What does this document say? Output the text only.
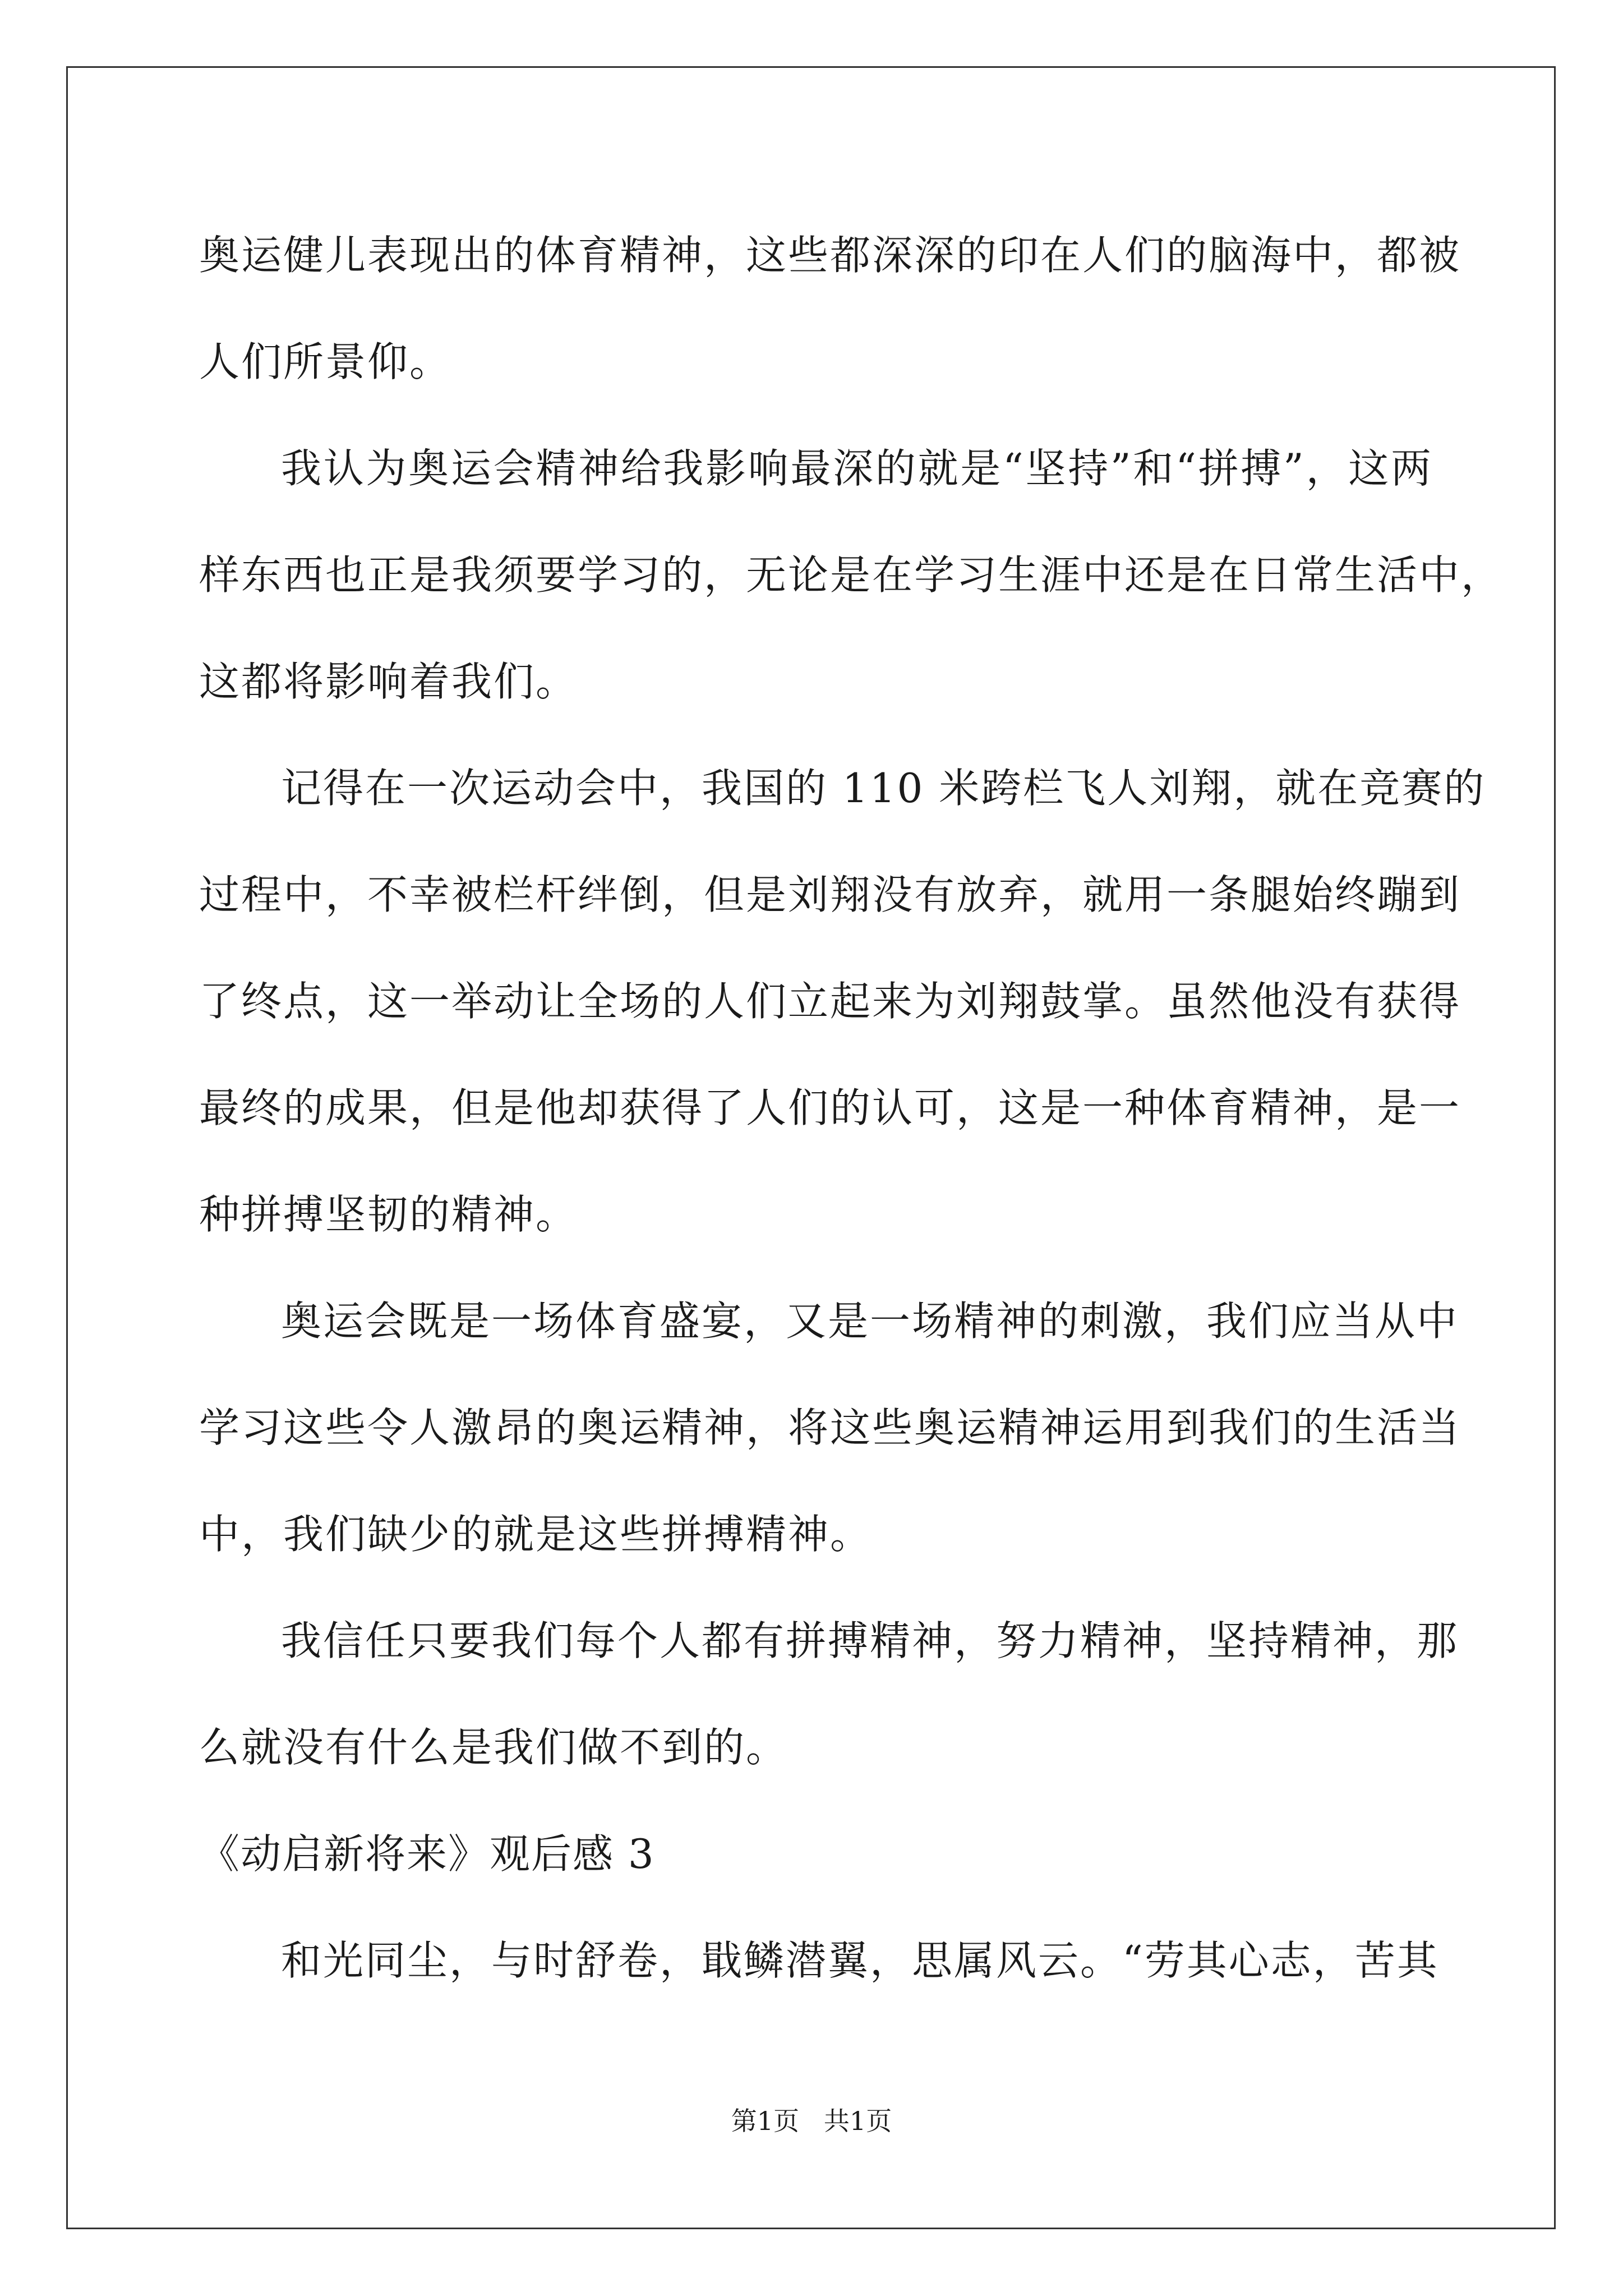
奥运健儿表现出的体育精神，这些都深深的印在人们的脑海中，都被
人们所景仰。
我认为奥运会精神给我影响最深的就是“坚持”和“拼搏”，这两
样东西也正是我须要学习的，无论是在学习生涯中还是在日常生活中，
这都将影响着我们。
记得在一次运动会中，我国的 110 米跨栏飞人刘翔，就在竞赛的
过程中，不幸被栏杆绊倒，但是刘翔没有放弃，就用一条腿始终蹦到
了终点，这一举动让全场的人们立起来为刘翔鼓掌。虽然他没有获得
最终的成果，但是他却获得了人们的认可，这是一种体育精神，是一
种拼搏坚韧的精神。
奥运会既是一场体育盛宴，又是一场精神的刺激，我们应当从中
学习这些令人激昂的奥运精神，将这些奥运精神运用到我们的生活当
中，我们缺少的就是这些拼搏精神。
我信任只要我们每个人都有拼搏精神，努力精神，坚持精神，那
么就没有什么是我们做不到的。
《动启新将来》观后感 3
和光同尘，与时舒卷，戢鳞潜翼，思属风云。“劳其心志，苦其
第1页   共1页
